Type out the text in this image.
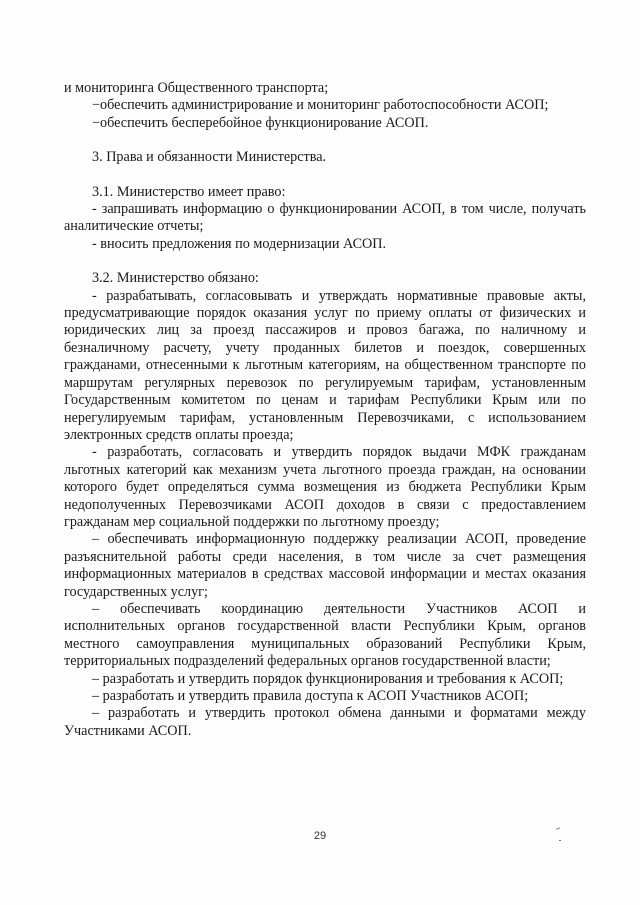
и мониторинга Общественного транспорта;

−обеспечить администрирование и мониторинг работоспособности АСОП;

−обеспечить бесперебойное функционирование АСОП.

3. Права и обязанности Министерства.

3.1. Министерство имеет право:

- запрашивать информацию о функционировании АСОП, в том числе, получать аналитические отчеты;

- вносить предложения по модернизации АСОП.

3.2. Министерство обязано:

- разрабатывать, согласовывать и утверждать нормативные правовые акты, предусматривающие порядок оказания услуг по приему оплаты от физических и юридических лиц за проезд пассажиров и провоз багажа, по наличному и безналичному расчету, учету проданных билетов и поездок, совершенных гражданами, отнесенными к льготным категориям, на общественном транспорте по маршрутам регулярных перевозок по регулируемым тарифам, установленным Государственным комитетом по ценам и тарифам Республики Крым или по нерегулируемым тарифам, установленным Перевозчиками, с использованием электронных средств оплаты проезда;

- разработать, согласовать и утвердить порядок выдачи МФК гражданам льготных категорий как механизм учета льготного проезда граждан, на основании которого будет определяться сумма возмещения из бюджета Республики Крым недополученных Перевозчиками АСОП доходов в связи с предоставлением гражданам мер социальной поддержки по льготному проезду;

– обеспечивать информационную поддержку реализации АСОП, проведение разъяснительной работы среди населения, в том числе за счет размещения информационных материалов в средствах массовой информации и местах оказания государственных услуг;

– обеспечивать координацию деятельности Участников АСОП и исполнительных органов государственной власти Республики Крым, органов местного самоуправления муниципальных образований Республики Крым, территориальных подразделений федеральных органов государственной власти;

– разработать и утвердить порядок функционирования и требования к АСОП;

– разработать и утвердить правила доступа к АСОП Участников АСОП;

– разработать и утвердить протокол обмена данными и форматами между Участниками АСОП.

29
